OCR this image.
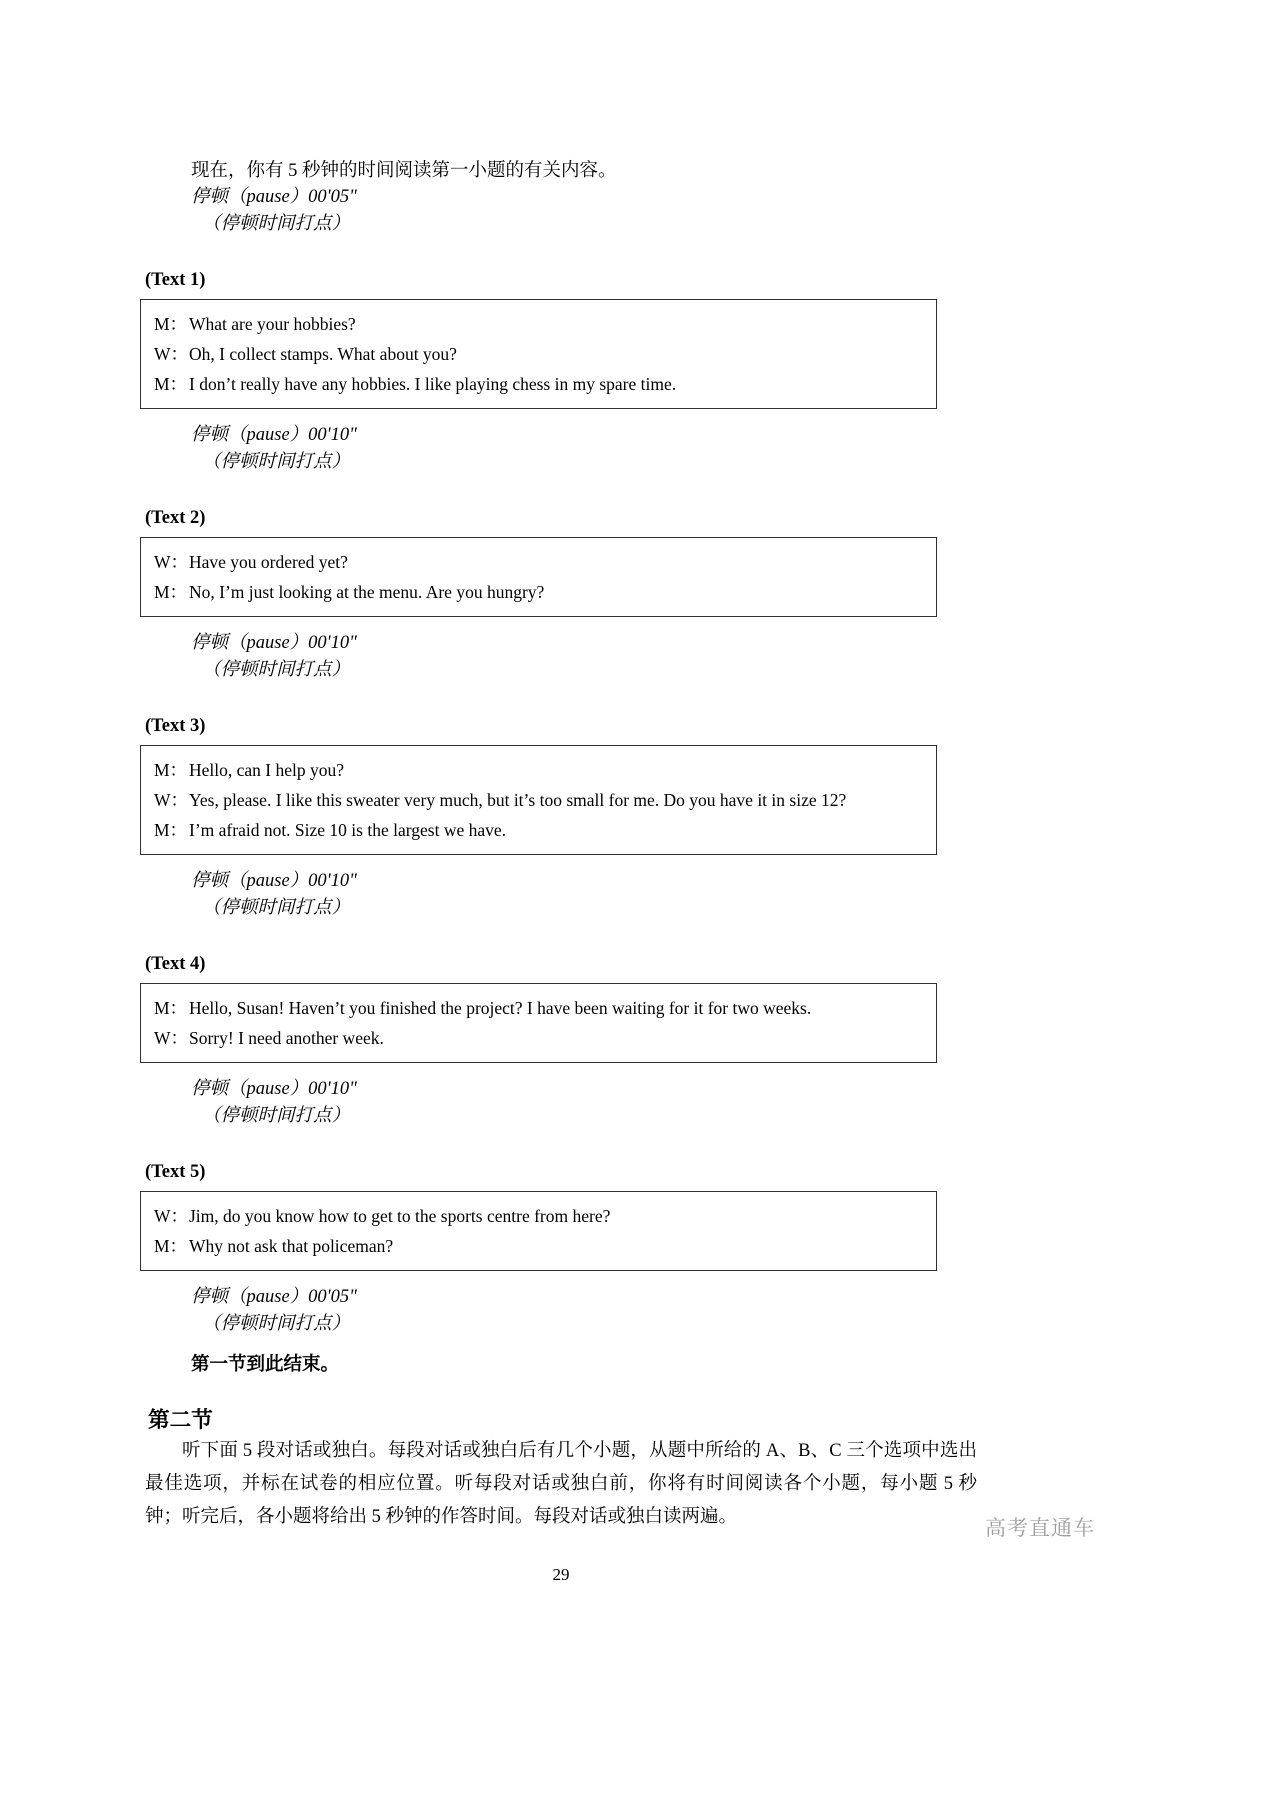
现在，你有 5 秒钟的时间阅读第一小题的有关内容。

停顿（pause）00'05"

（停顿时间打点）

(Text 1)
M： What are your hobbies?
W： Oh, I collect stamps. What about you?
M： I don’t really have any hobbies. I like playing chess in my spare time.

停顿（pause）00'10"

（停顿时间打点）

(Text 2)
W： Have you ordered yet?
M： No, I’m just looking at the menu. Are you hungry?

停顿（pause）00'10"

（停顿时间打点）

(Text 3)
M： Hello, can I help you?
W： Yes, please. I like this sweater very much, but it’s too small for me. Do you have it in size 12?
M： I’m afraid not. Size 10 is the largest we have.

停顿（pause）00'10"

（停顿时间打点）

(Text 4)
M： Hello, Susan! Haven’t you finished the project? I have been waiting for it for two weeks.
W： Sorry! I need another week.

停顿（pause）00'10"

（停顿时间打点）

(Text 5)
W： Jim, do you know how to get to the sports centre from here?
M： Why not ask that policeman?

停顿（pause）00'05"

（停顿时间打点）

第一节到此结束。

第二节

听下面 5 段对话或独白。每段对话或独白后有几个小题，从题中所给的 A、B、C 三个选项中选出最佳选项，并标在试卷的相应位置。听每段对话或独白前，你将有时间阅读各个小题，每小题 5 秒钟；听完后，各小题将给出 5 秒钟的作答时间。每段对话或独白读两遍。

29

高考直通车
